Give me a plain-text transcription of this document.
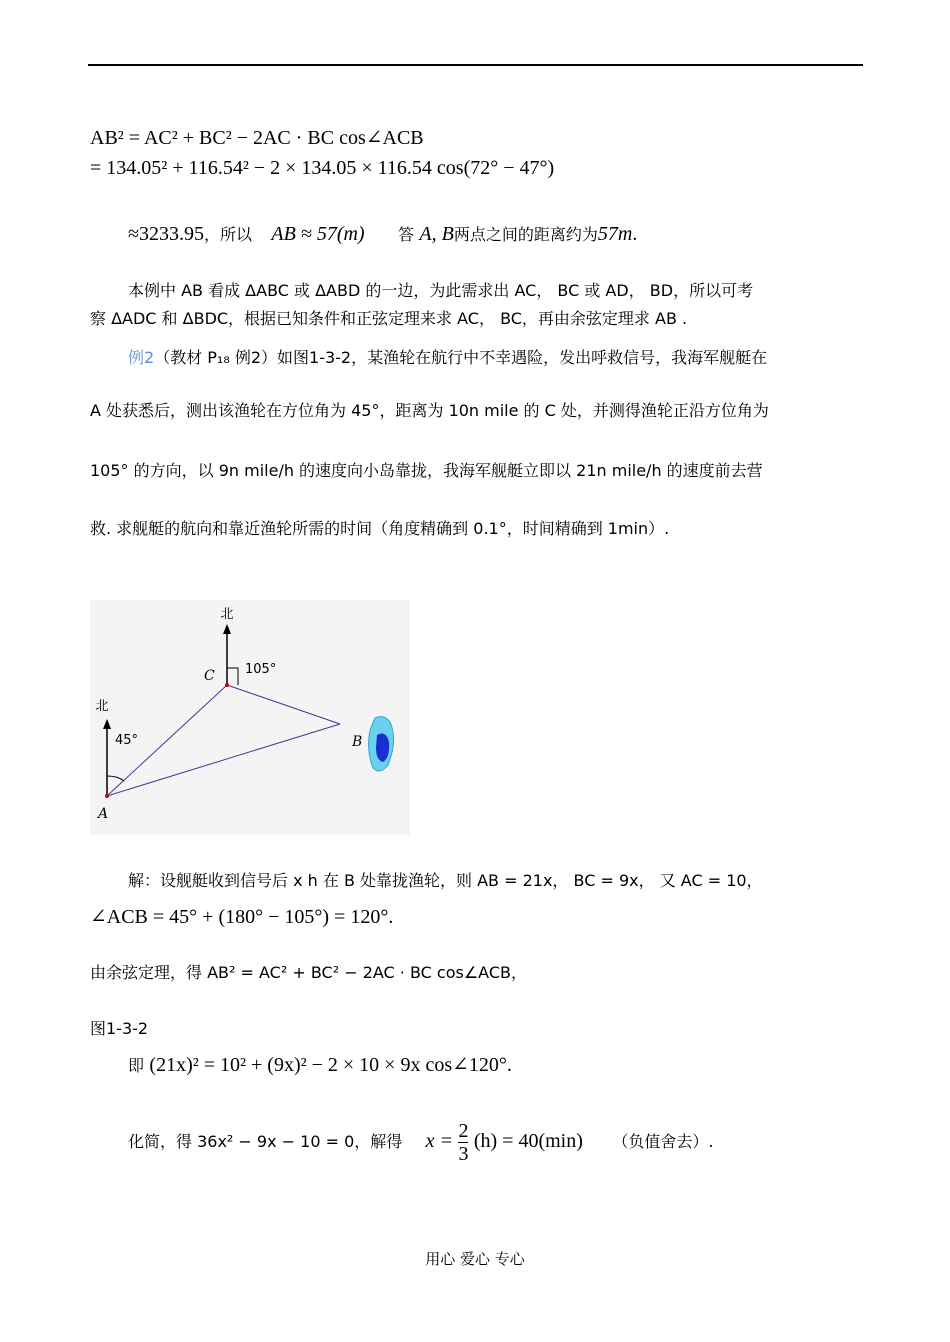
AB² = AC² + BC² − 2AC · BC cos∠ACB
= 134.05² + 116.54² − 2 × 134.05 × 116.54 cos(72° − 47°)
≈3233.95，所以 AB ≈ 57(m) 答 A, B两点之间的距离约为57m.
本例中 AB 看成 ΔABC 或 ΔABD 的一边，为此需求出 AC， BC 或 AD， BD，所以可考
察 ΔADC 和 ΔBDC，根据已知条件和正弦定理来求 AC， BC，再由余弦定理求 AB .
例2（教材 P₁₈ 例2）如图1-3-2，某渔轮在航行中不幸遇险，发出呼救信号，我海军舰艇在
A 处获悉后，测出该渔轮在方位角为 45°，距离为 10n mile 的 C 处，并测得渔轮正沿方位角为
105° 的方向，以 9n mile/h 的速度向小岛靠拢，我海军舰艇立即以 21n mile/h 的速度前去营
救. 求舰艇的航向和靠近渔轮所需的时间（角度精确到 0.1°，时间精确到 1min）.
北
北
105°
45°
A
B
C
解：设舰艇收到信号后 x h 在 B 处靠拢渔轮，则 AB = 21x， BC = 9x， 又 AC = 10，
∠ACB = 45° + (180° − 105°) = 120°.
由余弦定理，得 AB² = AC² + BC² − 2AC · BC cos∠ACB，
图1-3-2
即 (21x)² = 10² + (9x)² − 2 × 10 × 9x cos∠120°.
化简，得 36x² − 9x − 10 = 0，解得 $x = \frac{2}{3} (h) = 40(\min)$ （负值舍去）.
用心 爱心 专心
